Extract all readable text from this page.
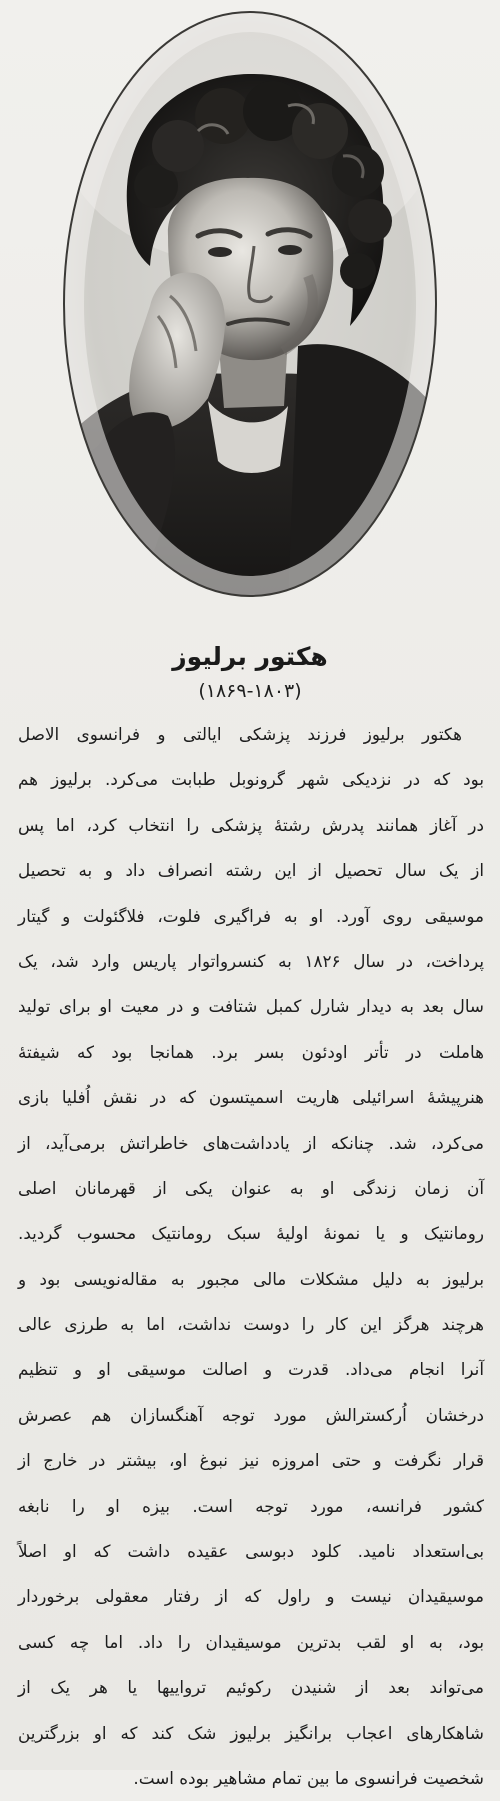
هکتور برلیوز
(۱۸۶۹-۱۸۰۳)
هکتور برلیوز فرزند پزشکی ایالتی و فرانسوی الاصل
بود که در نزدیکی شهر گرونوبل طبابت می‌کرد. برلیوز هم
در آغاز همانند پدرش رشتهٔ پزشکی را انتخاب کرد، اما پس
از یک سال تحصیل از این رشته انصراف داد و به تحصیل
موسیقی روی آورد. او به فراگیری فلوت، فلاگئولت و گیتار
پرداخت، در سال ۱۸۲۶ به کنسرواتوار پاریس وارد شد، یک
سال بعد به دیدار شارل کمبل شتافت و در معیت او برای تولید
هاملت در تأتر اودئون بسر برد. همانجا بود که شیفتهٔ
هنرپیشهٔ اسرائیلی هاریت اسمیتسون که در نقش اُفلیا بازی
می‌کرد، شد. چنانکه از یادداشت‌های خاطراتش برمی‌آید، از
آن زمان زندگی او به عنوان یکی از قهرمانان اصلی
رومانتیک و یا نمونهٔ اولیهٔ سبک رومانتیک محسوب گردید.
برلیوز به دلیل مشکلات مالی مجبور به مقاله‌نویسی بود و
هرچند هرگز این کار را دوست نداشت، اما به طرزی عالی
آنرا انجام می‌داد. قدرت و اصالت موسیقی او و تنظیم
درخشان اُرکسترالش مورد توجه آهنگسازان هم عصرش
قرار نگرفت و حتی امروزه نیز نبوغ او، بیشتر در خارج از
کشور فرانسه، مورد توجه است. بیزه او را نابغه
بی‌استعداد نامید. کلود دبوسی عقیده داشت که او اصلاً
موسیقیدان نیست و راول که از رفتار معقولی برخوردار
بود، به او لقب بدترین موسیقیدان را داد. اما چه کسی
می‌تواند بعد از شنیدن رکوئیم ترواییها یا هر یک از
شاهکارهای اعجاب برانگیز برلیوز شک کند که او بزرگترین
شخصیت فرانسوی ما بین تمام مشاهیر بوده است.
